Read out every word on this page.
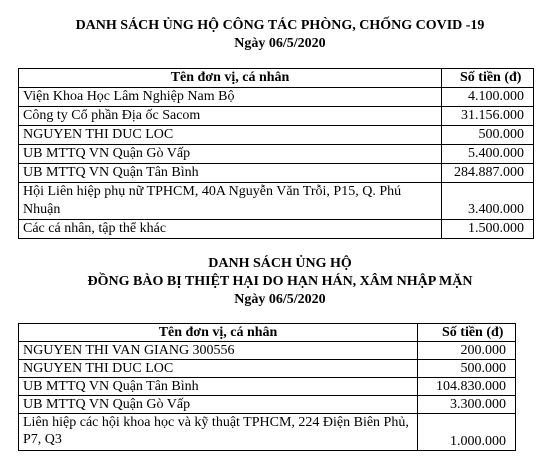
DANH SÁCH ỦNG HỘ CÔNG TÁC PHÒNG, CHỐNG COVID -19

Ngày 06/5/2020

Tên đơn vị, cá nhân	Số tiền (đ)
Viện Khoa Học Lâm Nghiệp Nam Bộ	4.100.000
Công ty Cổ phần Địa ốc Sacom	31.156.000
NGUYEN THI DUC LOC	500.000
UB MTTQ VN Quận Gò Vấp	5.400.000
UB MTTQ VN Quận Tân Bình	284.887.000
Hội Liên hiệp phụ nữ TPHCM, 40A Nguyễn Văn Trỗi, P15, Q. Phú Nhuận	3.400.000
Các cá nhân, tập thể khác	1.500.000

DANH SÁCH ỦNG HỘ

ĐỒNG BÀO BỊ THIỆT HẠI DO HẠN HÁN, XÂM NHẬP MẶN

Ngày 06/5/2020

Tên đơn vị, cá nhân	Số tiền (đ)
NGUYEN THI VAN GIANG 300556	200.000
NGUYEN THI DUC LOC	500.000
UB MTTQ VN Quận Tân Bình	104.830.000
UB MTTQ VN Quận Gò Vấp	3.300.000
Liên hiệp các hội khoa học và kỹ thuật TPHCM, 224 Điện Biên Phủ, P7, Q3	1.000.000
